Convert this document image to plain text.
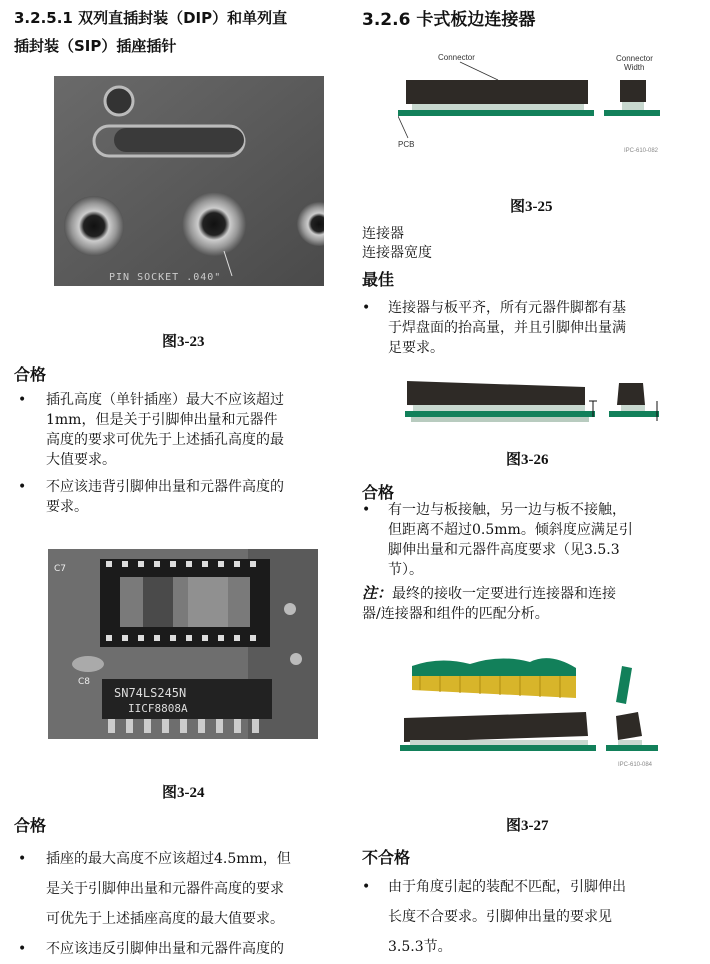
3.2.5.1 双列直插封装（DIP）和单列直
插封装（SIP）插座插针
PIN SOCKET .040"
图3-23
合格
• 插孔高度（单针插座）最大不应该超过
1mm，但是关于引脚伸出量和元器件
高度的要求可优先于上述插孔高度的最
大值要求。
• 不应该违背引脚伸出量和元器件高度的
要求。
C7
C8
SN74LS245N
IICF8808A
图3-24
合格
• 插座的最大高度不应该超过4.5mm，但
是关于引脚伸出量和元器件高度的要求
可优先于上述插座高度的最大值要求。
• 不应该违反引脚伸出量和元器件高度的
3.2.6 卡式板边连接器
Connector	Connector
Width
PCB
IPC-610-082
图3-25
连接器
连接器宽度
最佳
• 连接器与板平齐，所有元器件脚都有基
于焊盘面的抬高量，并且引脚伸出量满
足要求。
图3-26
合格
• 有一边与板接触，另一边与板不接触，
但距离不超过0.5mm。倾斜度应满足引
脚伸出量和元器件高度要求（见3.5.3
节）。
注：最终的接收一定要进行连接器和连接
器/连接器和组件的匹配分析。
IPC-610-084
图3-27
不合格
• 由于角度引起的装配不匹配，引脚伸出
长度不合要求。引脚伸出量的要求见
3.5.3节。
